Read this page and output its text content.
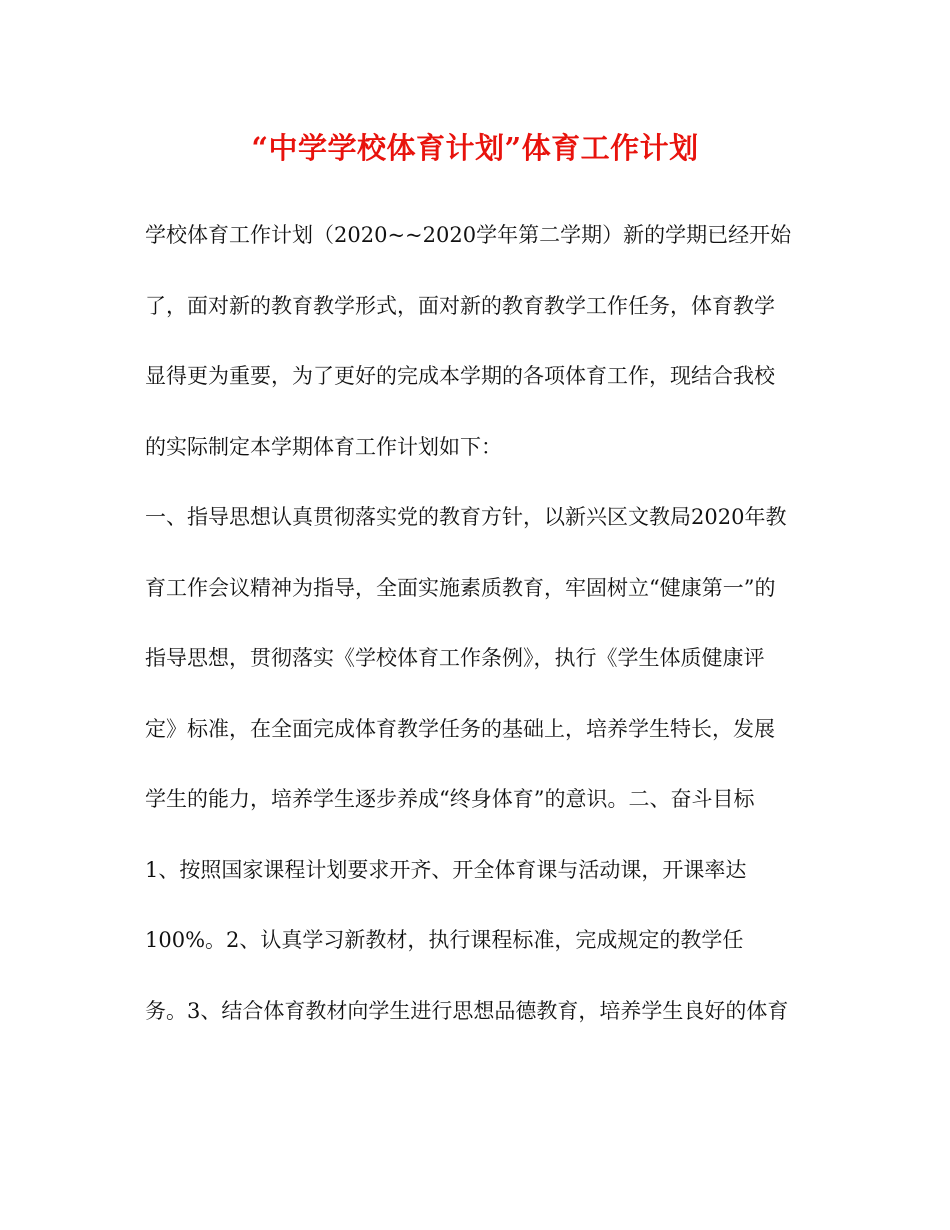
“中学学校体育计划”体育工作计划
学校体育工作计划（2020~~2020学年第二学期）新的学期已经开始
了，面对新的教育教学形式，面对新的教育教学工作任务，体育教学
显得更为重要，为了更好的完成本学期的各项体育工作，现结合我校
的实际制定本学期体育工作计划如下：
一、指导思想认真贯彻落实党的教育方针，以新兴区文教局2020年教
育工作会议精神为指导，全面实施素质教育，牢固树立“健康第一”的
指导思想，贯彻落实《学校体育工作条例》，执行《学生体质健康评
定》标准，在全面完成体育教学任务的基础上，培养学生特长，发展
学生的能力，培养学生逐步养成“终身体育”的意识。二、奋斗目标
1、按照国家课程计划要求开齐、开全体育课与活动课，开课率达
100%。2、认真学习新教材，执行课程标准，完成规定的教学任
务。3、结合体育教材向学生进行思想品德教育，培养学生良好的体育
